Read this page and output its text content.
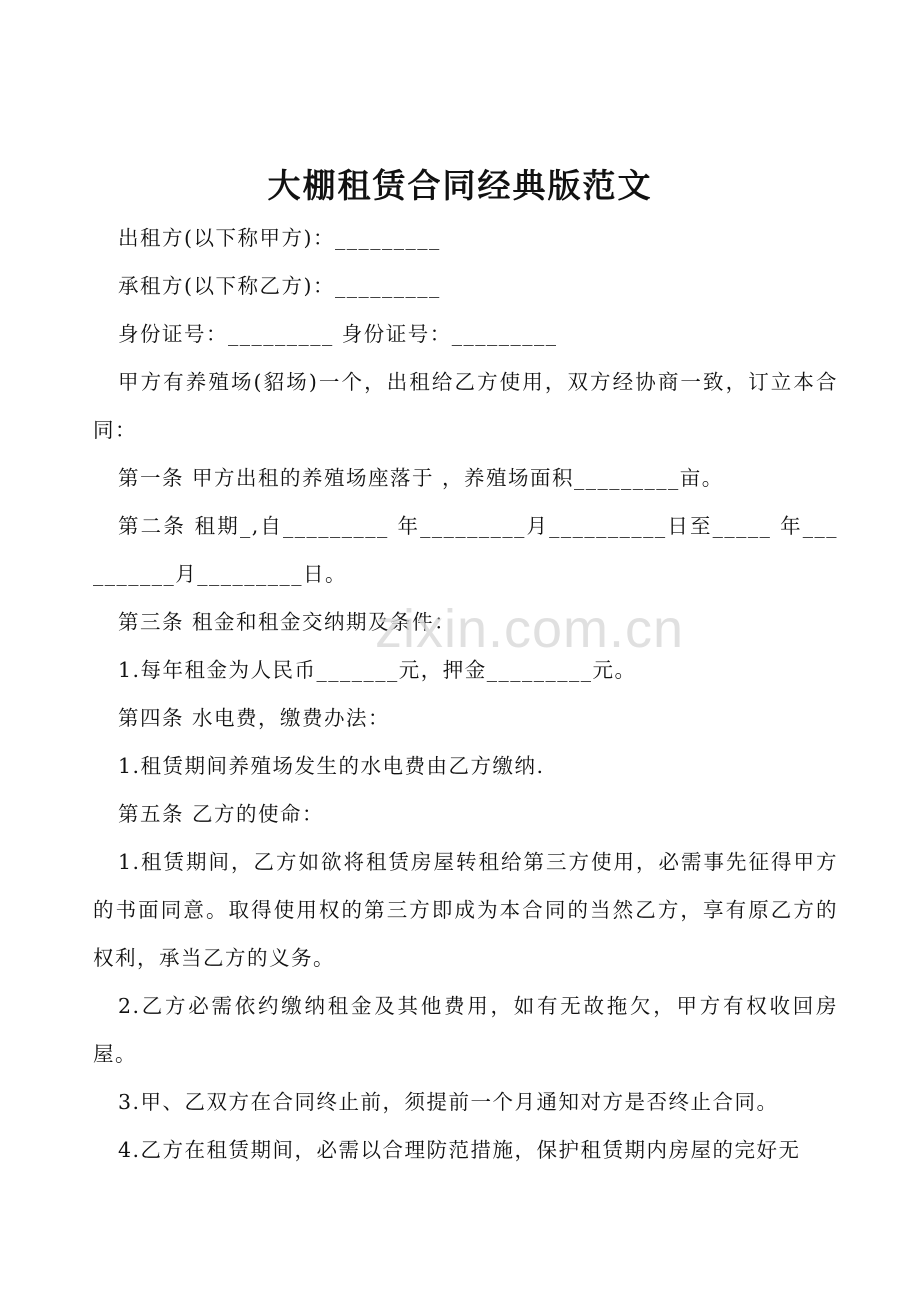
大棚租赁合同经典版范文

出租方(以下称甲方)：_________

承租方(以下称乙方)：_________

身份证号：_________ 身份证号：_________

甲方有养殖场(貂场)一个，出租给乙方使用，双方经协商一致，订立本合同：

第一条 甲方出租的养殖场座落于 ，养殖场面积_________亩。

第二条 租期_,自_________ 年_________月__________日至_____ 年__________月_________日。

第三条 租金和租金交纳期及条件：

1.每年租金为人民币_______元，押金_________元。

第四条 水电费，缴费办法：

1.租赁期间养殖场发生的水电费由乙方缴纳.

第五条 乙方的使命：

1.租赁期间，乙方如欲将租赁房屋转租给第三方使用，必需事先征得甲方的书面同意。取得使用权的第三方即成为本合同的当然乙方，享有原乙方的权利，承当乙方的义务。

2.乙方必需依约缴纳租金及其他费用，如有无故拖欠，甲方有权收回房屋。

3.甲、乙双方在合同终止前，须提前一个月通知对方是否终止合同。

4.乙方在租赁期间，必需以合理防范措施，保护租赁期内房屋的完好无

zixin.com.cn
